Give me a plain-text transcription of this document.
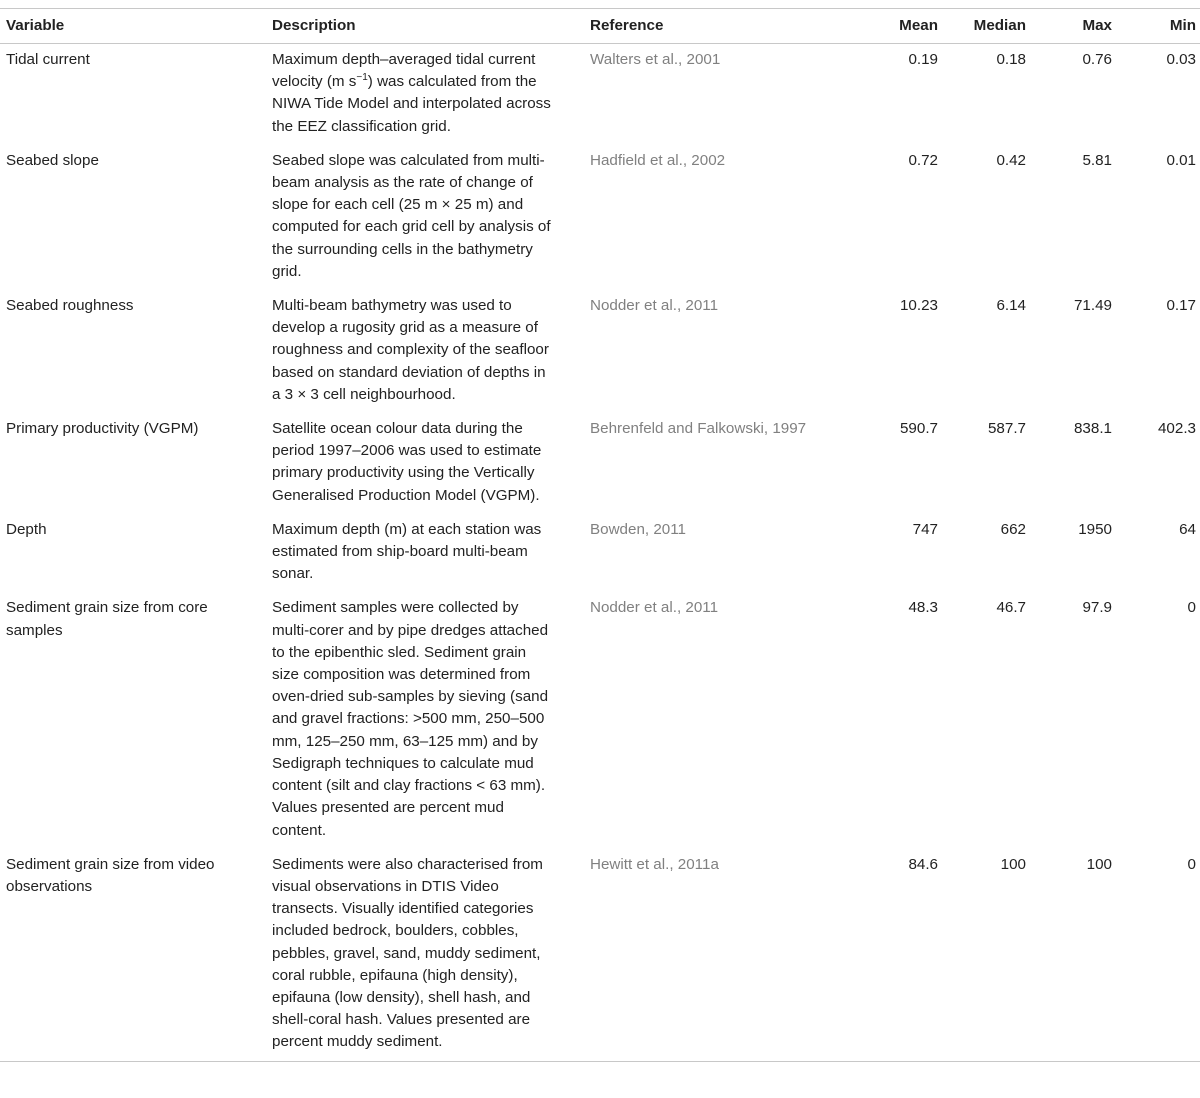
Variable	Description	Reference	Mean	Median	Max	Min
Tidal current	Maximum depth–averaged tidal current velocity (m $s^{-1}$) was calculated from the NIWA Tide Model and interpolated across the EEZ classification grid.	Walters et al., 2001	0.19	0.18	0.76	0.03
Seabed slope	Seabed slope was calculated from multi-beam analysis as the rate of change of slope for each cell (25 m × 25 m) and computed for each grid cell by analysis of the surrounding cells in the bathymetry grid.	Hadfield et al., 2002	0.72	0.42	5.81	0.01
Seabed roughness	Multi-beam bathymetry was used to develop a rugosity grid as a measure of roughness and complexity of the seafloor based on standard deviation of depths in a 3 × 3 cell neighbourhood.	Nodder et al., 2011	10.23	6.14	71.49	0.17
Primary productivity (VGPM)	Satellite ocean colour data during the period 1997–2006 was used to estimate primary productivity using the Vertically Generalised Production Model (VGPM).	Behrenfeld and Falkowski, 1997	590.7	587.7	838.1	402.3
Depth	Maximum depth (m) at each station was estimated from ship-board multi-beam sonar.	Bowden, 2011	747	662	1950	64
Sediment grain size from core samples	Sediment samples were collected by multi-corer and by pipe dredges attached to the epibenthic sled. Sediment grain size composition was determined from oven-dried sub-samples by sieving (sand and gravel fractions: >500 mm, 250–500 mm, 125–250 mm, 63–125 mm) and by Sedigraph techniques to calculate mud content (silt and clay fractions < 63 mm). Values presented are percent mud content.	Nodder et al., 2011	48.3	46.7	97.9	0
Sediment grain size from video observations	Sediments were also characterised from visual observations in DTIS Video transects. Visually identified categories included bedrock, boulders, cobbles, pebbles, gravel, sand, muddy sediment, coral rubble, epifauna (high density), epifauna (low density), shell hash, and shell-coral hash. Values presented are percent muddy sediment.	Hewitt et al., 2011a	84.6	100	100	0
